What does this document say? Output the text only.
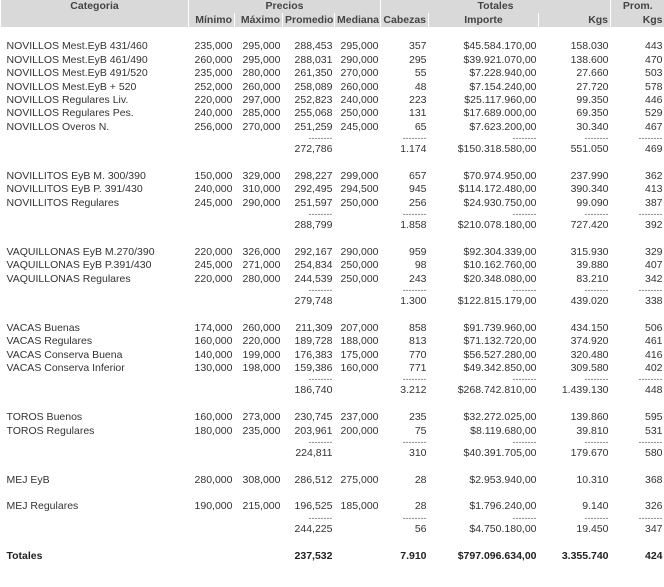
Categoria	Precios				Totales			Prom.
	Mínimo	Máximo	Promedio	Mediana	Cabezas	Importe	Kgs	Kgs

NOVILLOS Mest.EyB 431/460	235,000	295,000	288,453	295,000	357	$45.584.170,00	158.030	443
NOVILLOS Mest.EyB 461/490	260,000	295,000	288,031	290,000	295	$39.921.070,00	138.600	470
NOVILLOS Mest.EyB 491/520	235,000	280,000	261,350	270,000	55	$7.228.940,00	27.660	503
NOVILLOS Mest.EyB + 520	252,000	260,000	258,089	260,000	48	$7.154.240,00	27.720	578
NOVILLOS Regulares Liv.	220,000	297,000	252,823	240,000	223	$25.117.960,00	99.350	446
NOVILLOS Regulares Pes.	240,000	285,000	255,068	250,000	131	$17.689.000,00	69.350	529
NOVILLOS Overos N.	256,000	270,000	251,259	245,000	65	$7.623.200,00	30.340	467
			--------		--------	--------	--------	--------
			272,786		1.174	$150.318.580,00	551.050	469

NOVILLITOS EyB M. 300/390	150,000	329,000	298,227	299,000	657	$70.974.950,00	237.990	362
NOVILLITOS EyB P. 391/430	240,000	310,000	292,495	294,500	945	$114.172.480,00	390.340	413
NOVILLITOS Regulares	245,000	290,000	251,597	250,000	256	$24.930.750,00	99.090	387
			--------		--------	--------	--------	--------
			288,799		1.858	$210.078.180,00	727.420	392

VAQUILLONAS EyB M.270/390	220,000	326,000	292,167	290,000	959	$92.304.339,00	315.930	329
VAQUILLONAS EyB P.391/430	245,000	271,000	254,834	250,000	98	$10.162.760,00	39.880	407
VAQUILLONAS Regulares	220,000	280,000	244,539	250,000	243	$20.348.080,00	83.210	342
			--------		--------	--------	--------	--------
			279,748		1.300	$122.815.179,00	439.020	338

VACAS Buenas	174,000	260,000	211,309	207,000	858	$91.739.960,00	434.150	506
VACAS Regulares	160,000	220,000	189,728	188,000	813	$71.132.720,00	374.920	461
VACAS Conserva Buena	140,000	199,000	176,383	175,000	770	$56.527.280,00	320.480	416
VACAS Conserva Inferior	130,000	198,000	159,386	160,000	771	$49.342.850,00	309.580	402
			--------		--------	--------	--------	--------
			186,740		3.212	$268.742.810,00	1.439.130	448

TOROS Buenos	160,000	273,000	230,745	237,000	235	$32.272.025,00	139.860	595
TOROS Regulares	180,000	235,000	203,961	200,000	75	$8.119.680,00	39.810	531
			--------		--------	--------	--------	--------
			224,811		310	$40.391.705,00	179.670	580

MEJ EyB	280,000	308,000	286,512	275,000	28	$2.953.940,00	10.310	368

MEJ Regulares	190,000	215,000	196,525	185,000	28	$1.796.240,00	9.140	326
			--------		--------	--------	--------	--------
			244,225		56	$4.750.180,00	19.450	347

Totales			237,532		7.910	$797.096.634,00	3.355.740	424
